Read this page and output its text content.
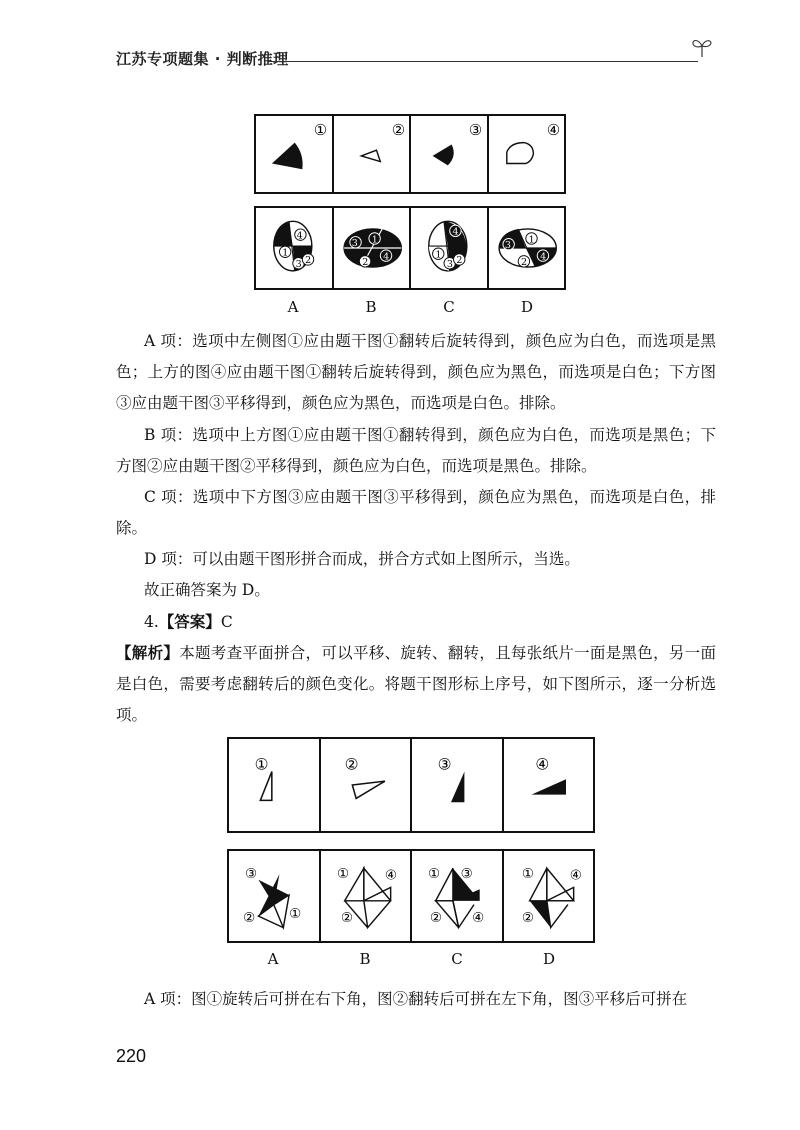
江苏专项题集 · 判断推理
①	②	③	④
4
1
3 2
3 1
4
2
4
1
3 2
3
1
4
2
A	B	C	D

A 项：选项中左侧图①应由题干图①翻转后旋转得到，颜色应为白色，而选项是黑色；上方的图④应由题干图①翻转后旋转得到，颜色应为黑色，而选项是白色；下方图③应由题干图③平移得到，颜色应为黑色，而选项是白色。排除。

B 项：选项中上方图①应由题干图①翻转得到，颜色应为白色，而选项是黑色；下方图②应由题干图②平移得到，颜色应为白色，而选项是黑色。排除。

C 项：选项中下方图③应由题干图③平移得到，颜色应为黑色，而选项是白色，排除。

D 项：可以由题干图形拼合而成，拼合方式如上图所示，当选。

故正确答案为 D。

4.【答案】C

【解析】本题考查平面拼合，可以平移、旋转、翻转，且每张纸片一面是黑色，另一面是白色，需要考虑翻转后的颜色变化。将题干图形标上序号，如下图所示，逐一分析选项。

①	②	③	④
③
② ①
①	④
②
① ③
② ④
①	④
②
A	B	C	D

A 项：图①旋转后可拼在右下角，图②翻转后可拼在左下角，图③平移后可拼在

220
